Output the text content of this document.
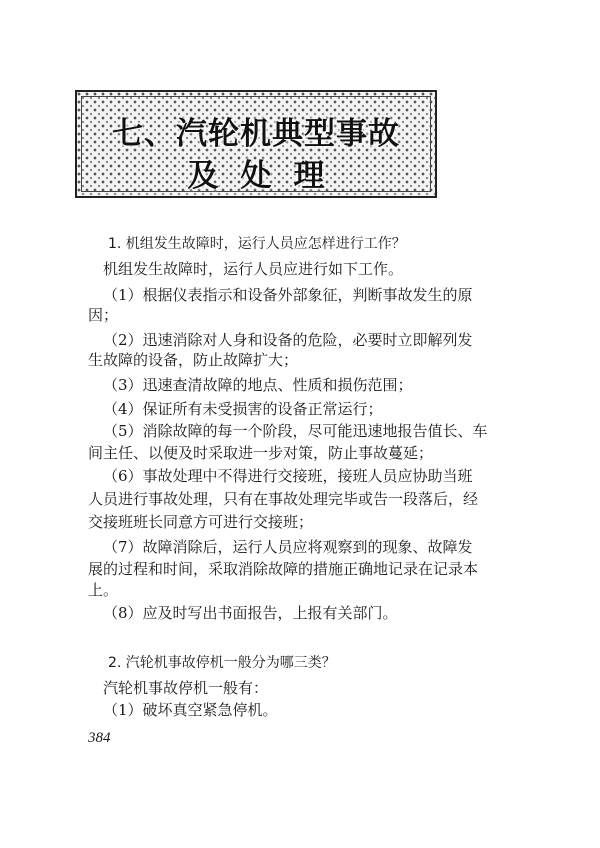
七、汽轮机典型事故
及处理
1. 机组发生故障时，运行人员应怎样进行工作？
机组发生故障时，运行人员应进行如下工作。
（1）根据仪表指示和设备外部象征，判断事故发生的原
因；
（2）迅速消除对人身和设备的危险，必要时立即解列发
生故障的设备，防止故障扩大；
（3）迅速查清故障的地点、性质和损伤范围；
（4）保证所有未受损害的设备正常运行；
（5）消除故障的每一个阶段，尽可能迅速地报告值长、车
间主任、以便及时采取进一步对策，防止事故蔓延；
（6）事故处理中不得进行交接班，接班人员应协助当班
人员进行事故处理，只有在事故处理完毕或告一段落后，经
交接班班长同意方可进行交接班；
（7）故障消除后，运行人员应将观察到的现象、故障发
展的过程和时间，采取消除故障的措施正确地记录在记录本
上。
（8）应及时写出书面报告，上报有关部门。
2. 汽轮机事故停机一般分为哪三类？
汽轮机事故停机一般有：
（1）破坏真空紧急停机。
384
